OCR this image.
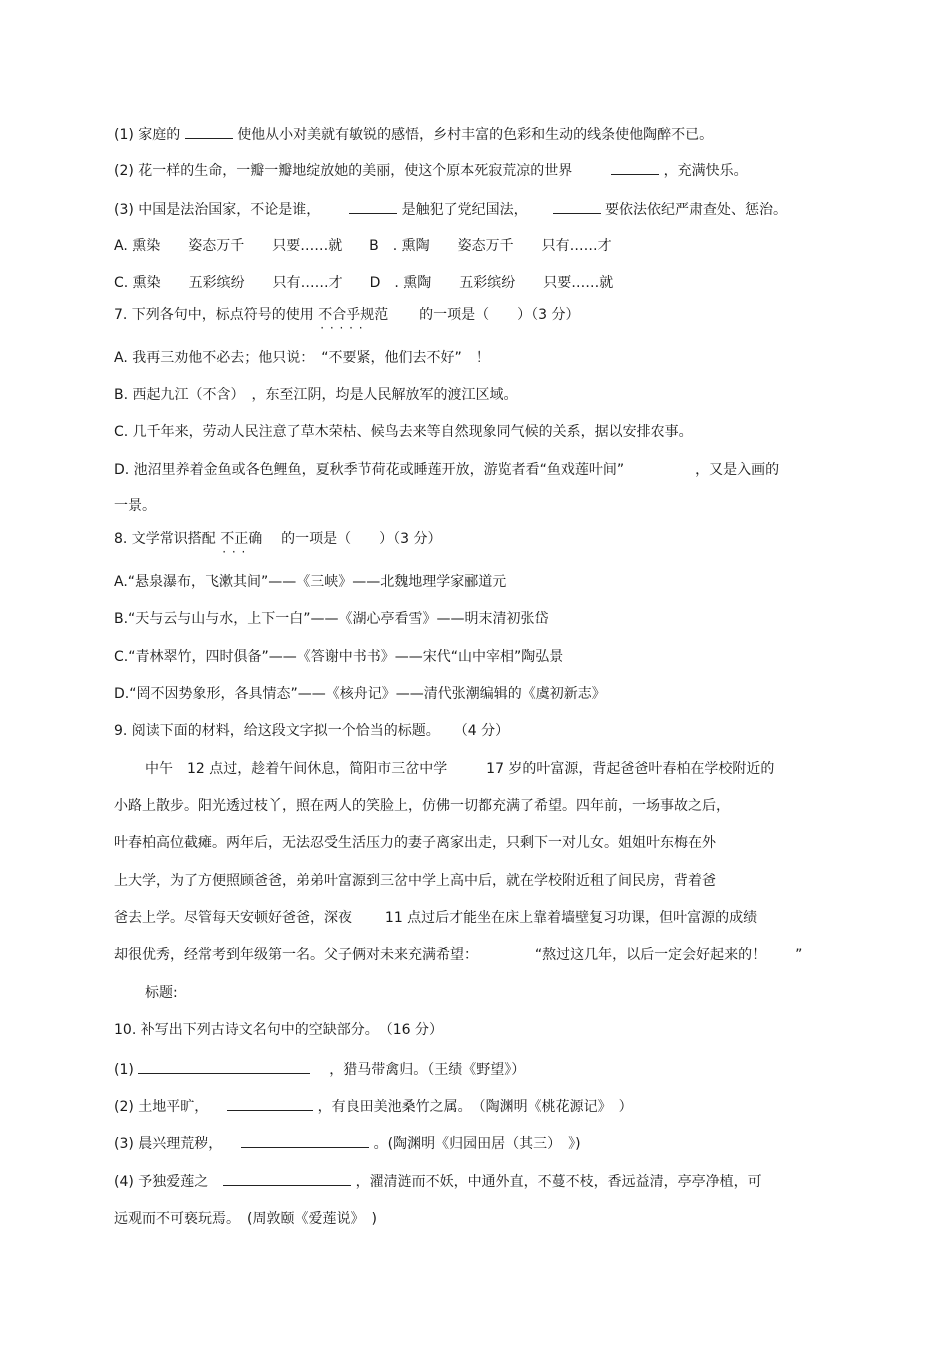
(1) 家庭的	使他从小对美就有敏锐的感悟，乡村丰富的色彩和生动的线条使他陶醉不已。
(2) 花一样的生命，一瓣一瓣地绽放她的美丽，使这个原本死寂荒凉的世界	，充满快乐。
(3) 中国是法治国家，不论是谁，	是触犯了党纪国法，	要依法依纪严肃查处、惩治。
A. 熏染　　姿态万千　　只要……就 B　. 熏陶　　姿态万千　　只有……才
C. 熏染　　五彩缤纷　　只有……才 D　. 熏陶　　五彩缤纷　　只要……就
7. 下列各句中，标点符号的使用 不合乎规范 · · 的一项是（　　）（3 分）
A. 我再三劝他不必去；他只说：　“不要紧，他们去不好”　！
B. 西起九江（不含）　，东至江阴，均是人民解放军的渡江区域。
C. 几千年来，劳动人民注意了草木荣枯、候鸟去来等自然现象同气候的关系，据以安排农事。
D. 池沼里养着金鱼或各色鲤鱼，夏秋季节荷花或睡莲开放，游览者看“鱼戏莲叶间”	，又是入画的
一景。
8. 文学常识搭配 不正确 · · · 的一项是（　　）（3 分）
A.“悬泉瀑布，飞漱其间”——《三峡》——北魏地理学家郦道元
B.“天与云与山与水，上下一白”——《湖心亭看雪》——明末清初张岱
C.“青林翠竹，四时俱备”——《答谢中书书》——宋代“山中宰相”陶弘景
D.“罔不因势象形，各具情态”——《核舟记》——清代张潮编辑的《虞初新志》
9. 阅读下面的材料，给这段文字拟一个恰当的标题。　　（4 分）
中午　12 点过，趁着午间休息，简阳市三岔中学	17 岁的叶富源，背起爸爸叶春柏在学校附近的
小路上散步。阳光透过枝丫，照在两人的笑脸上，仿佛一切都充满了希望。四年前，一场事故之后，
叶春柏高位截瘫。两年后，无法忍受生活压力的妻子离家出走，只剩下一对儿女。姐姐叶东梅在外
上大学，为了方便照顾爸爸，弟弟叶富源到三岔中学上高中后，就在学校附近租了间民房，背着爸
爸去上学。尽管每天安顿好爸爸，深夜 11 点过后才能坐在床上靠着墙壁复习功课，但叶富源的成绩
却很优秀，经常考到年级第一名。父子俩对未来充满希望：	“熬过这几年，以后一定会好起来的！ ”
标题:
10. 补写出下列古诗文名句中的空缺部分。　（16 分）
(1)	，猎马带禽归。（王绩《野望》）
(2) 土地平旷，	，有良田美池桑竹之属。　（陶渊明《桃花源记》　）
(3) 晨兴理荒秽，	。(陶渊明《归园田居（其三）　》)
(4) 予独爱莲之	，濯清涟而不妖，中通外直，不蔓不枝，香远益清，亭亭净植，可
远观而不可亵玩焉。　(周敦颐《爱莲说》　)
